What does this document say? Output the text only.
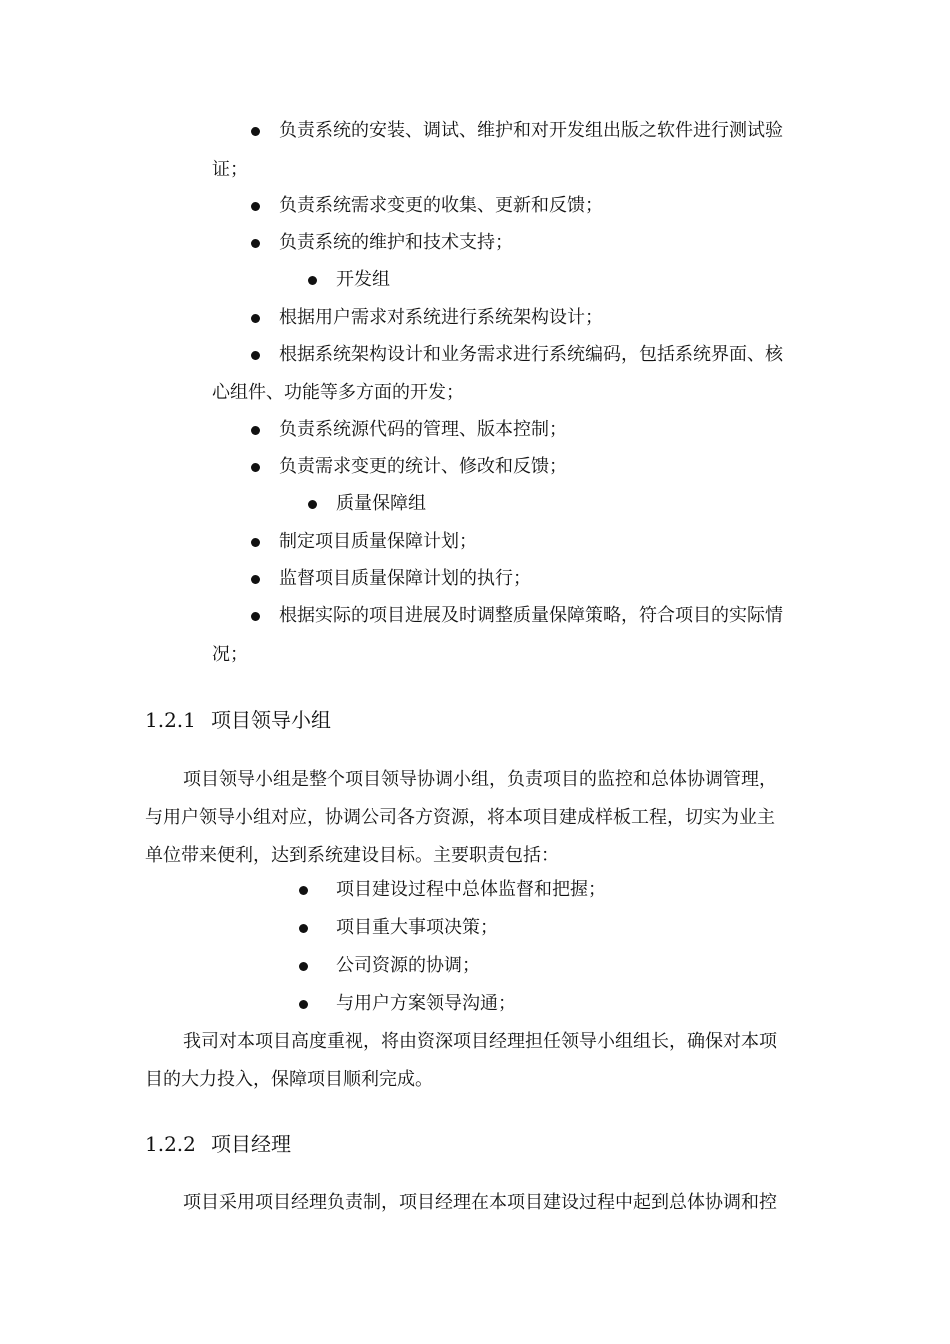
负责系统的安装、调试、维护和对开发组出版之软件进行测试验
证；
负责系统需求变更的收集、更新和反馈；
负责系统的维护和技术支持；
开发组
根据用户需求对系统进行系统架构设计；
根据系统架构设计和业务需求进行系统编码，包括系统界面、核
心组件、功能等多方面的开发；
负责系统源代码的管理、版本控制；
负责需求变更的统计、修改和反馈；
质量保障组
制定项目质量保障计划；
监督项目质量保障计划的执行；
根据实际的项目进展及时调整质量保障策略，符合项目的实际情
况；
1.2.1 项目领导小组
项目领导小组是整个项目领导协调小组，负责项目的监控和总体协调管理，
与用户领导小组对应，协调公司各方资源，将本项目建成样板工程，切实为业主
单位带来便利，达到系统建设目标。主要职责包括：
项目建设过程中总体监督和把握；
项目重大事项决策；
公司资源的协调；
与用户方案领导沟通；
我司对本项目高度重视，将由资深项目经理担任领导小组组长，确保对本项
目的大力投入，保障项目顺利完成。
1.2.2 项目经理
项目采用项目经理负责制，项目经理在本项目建设过程中起到总体协调和控
